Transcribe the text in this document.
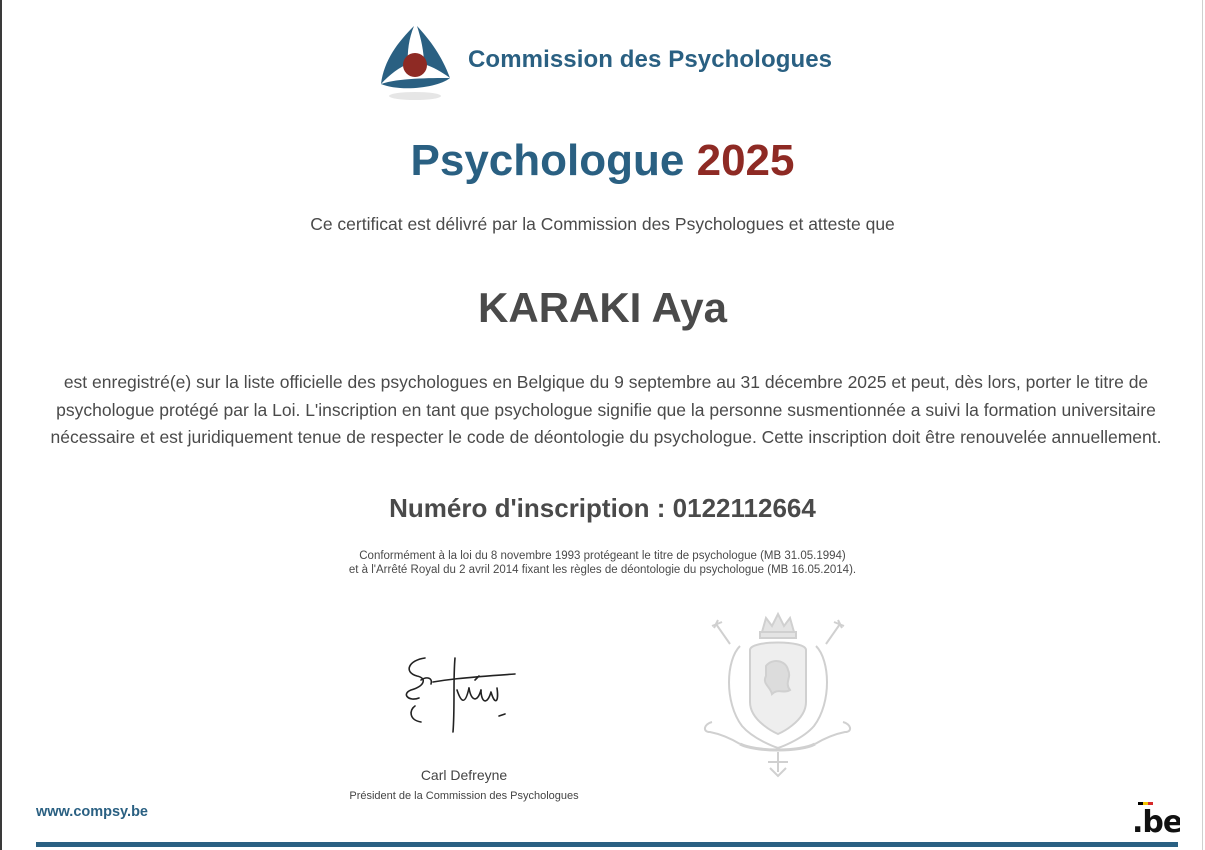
Commission des Psychologues
Psychologue 2025
Ce certificat est délivré par la Commission des Psychologues et atteste que
KARAKI Aya
est enregistré(e) sur la liste officielle des psychologues en Belgique du 9 septembre au 31 décembre 2025 et peut, dès lors, porter le titre de psychologue protégé par la Loi. L'inscription en tant que psychologue signifie que la personne susmentionnée a suivi la formation universitaire nécessaire et est juridiquement tenue de respecter le code de déontologie du psychologue. Cette inscription doit être renouvelée annuellement.
Numéro d'inscription : 0122112664
Conformément à la loi du 8 novembre 1993 protégeant le titre de psychologue (MB 31.05.1994)
et à l'Arrêté Royal du 2 avril 2014 fixant les règles de déontologie du psychologue (MB 16.05.2014).
Carl Defreyne
Président de la Commission des Psychologues
www.compsy.be	.be
